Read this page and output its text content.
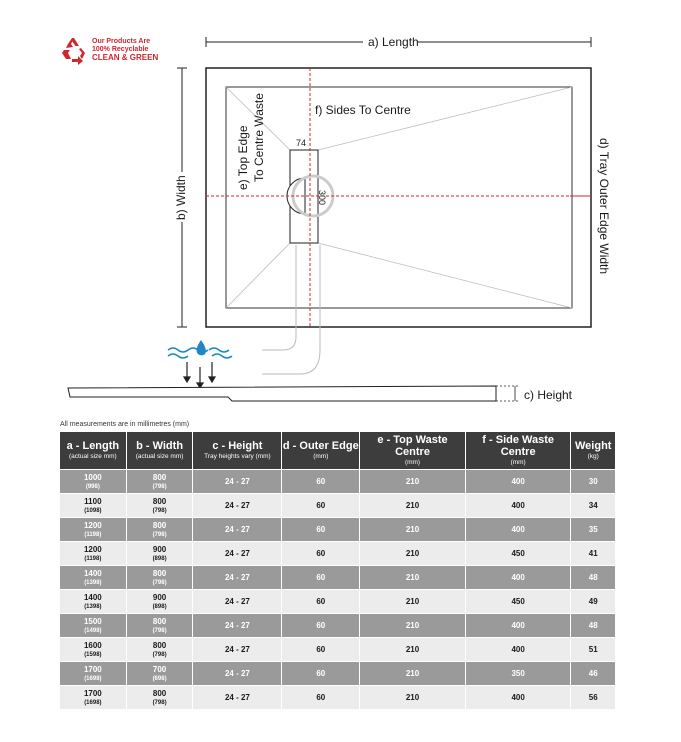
Our Products Are
100% Recyclable
CLEAN & GREEN
a) Length
b) Width
c) Height
d) Tray Outer Edge Width
e) Top Edge To Centre Waste	f) Sides To Centre
74
300
All measurements are in millimetres (mm)
a - Length
(actual size mm)	b - Width
(actual size mm)	c - Height
Tray heights vary (mm)	d - Outer Edge
(mm)	e - Top Waste Centre
(mm)	f - Side Waste Centre
(mm)	Weight
(kg)

1000
(998)	800
(798)	24 - 27	60	210	400	30

1100
(1098)	800
(798)	24 - 27	60	210	400	34

1200
(1198)	800
(798)	24 - 27	60	210	400	35

1200
(1198)	900
(898)	24 - 27	60	210	450	41

1400
(1398)	800
(798)	24 - 27	60	210	400	48

1400
(1398)	900
(898)	24 - 27	60	210	450	49

1500
(1498)	800
(798)	24 - 27	60	210	400	48

1600
(1598)	800
(798)	24 - 27	60	210	400	51

1700
(1698)	700
(698)	24 - 27	60	210	350	46

1700
(1698)	800
(798)	24 - 27	60	210	400	56
